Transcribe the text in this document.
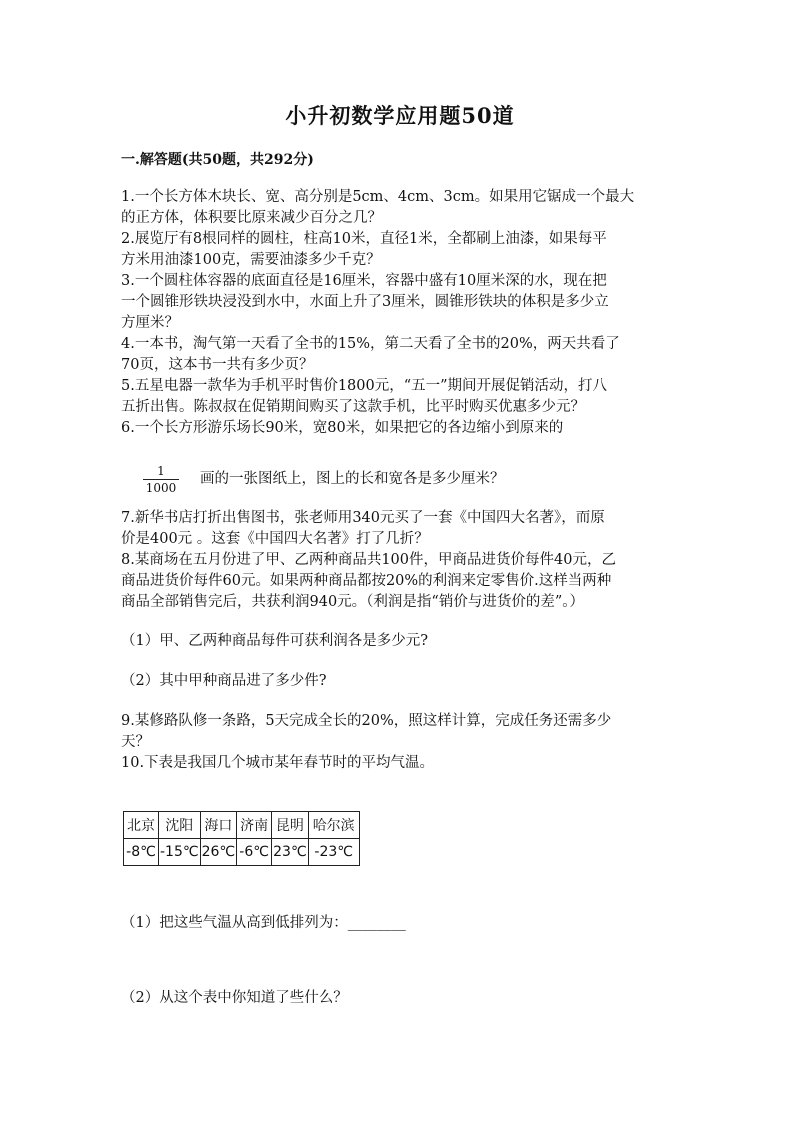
小升初数学应用题50道
一.解答题(共50题，共292分)
1.一个长方体木块长、宽、高分别是5cm、4cm、3cm。如果用它锯成一个最大
的正方体，体积要比原来减少百分之几？
2.展览厅有8根同样的圆柱，柱高10米，直径1米，全都刷上油漆，如果每平
方米用油漆100克，需要油漆多少千克？
3.一个圆柱体容器的底面直径是16厘米，容器中盛有10厘米深的水，现在把
一个圆锥形铁块浸没到水中，水面上升了3厘米，圆锥形铁块的体积是多少立
方厘米？
4.一本书，淘气第一天看了全书的15%，第二天看了全书的20%，两天共看了
70页，这本书一共有多少页？
5.五星电器一款华为手机平时售价1800元，“五一”期间开展促销活动，打八
五折出售。陈叔叔在促销期间购买了这款手机，比平时购买优惠多少元？
6.一个长方形游乐场长90米，宽80米，如果把它的各边缩小到原来的
1
1000
画的一张图纸上，图上的长和宽各是多少厘米？
7.新华书店打折出售图书，张老师用340元买了一套《中国四大名著》，而原
价是400元 。这套《中国四大名著》打了几折？
8.某商场在五月份进了甲、乙两种商品共100件，甲商品进货价每件40元，乙
商品进货价每件60元。如果两种商品都按20%的利润来定零售价.这样当两种
商品全部销售完后，共获利润940元。（利润是指“销价与进货价的差”。）
（1）甲、乙两种商品每件可获利润各是多少元?
（2）其中甲种商品进了多少件?
9.某修路队修一条路，5天完成全长的20%，照这样计算，完成任务还需多少
天？
10.下表是我国几个城市某年春节时的平均气温。
北京	沈阳	海口	济南	昆明	哈尔滨
-8℃	-15℃	26℃	-6℃	23℃	-23℃
（1）把这些气温从高到低排列为：________
（2）从这个表中你知道了些什么？
